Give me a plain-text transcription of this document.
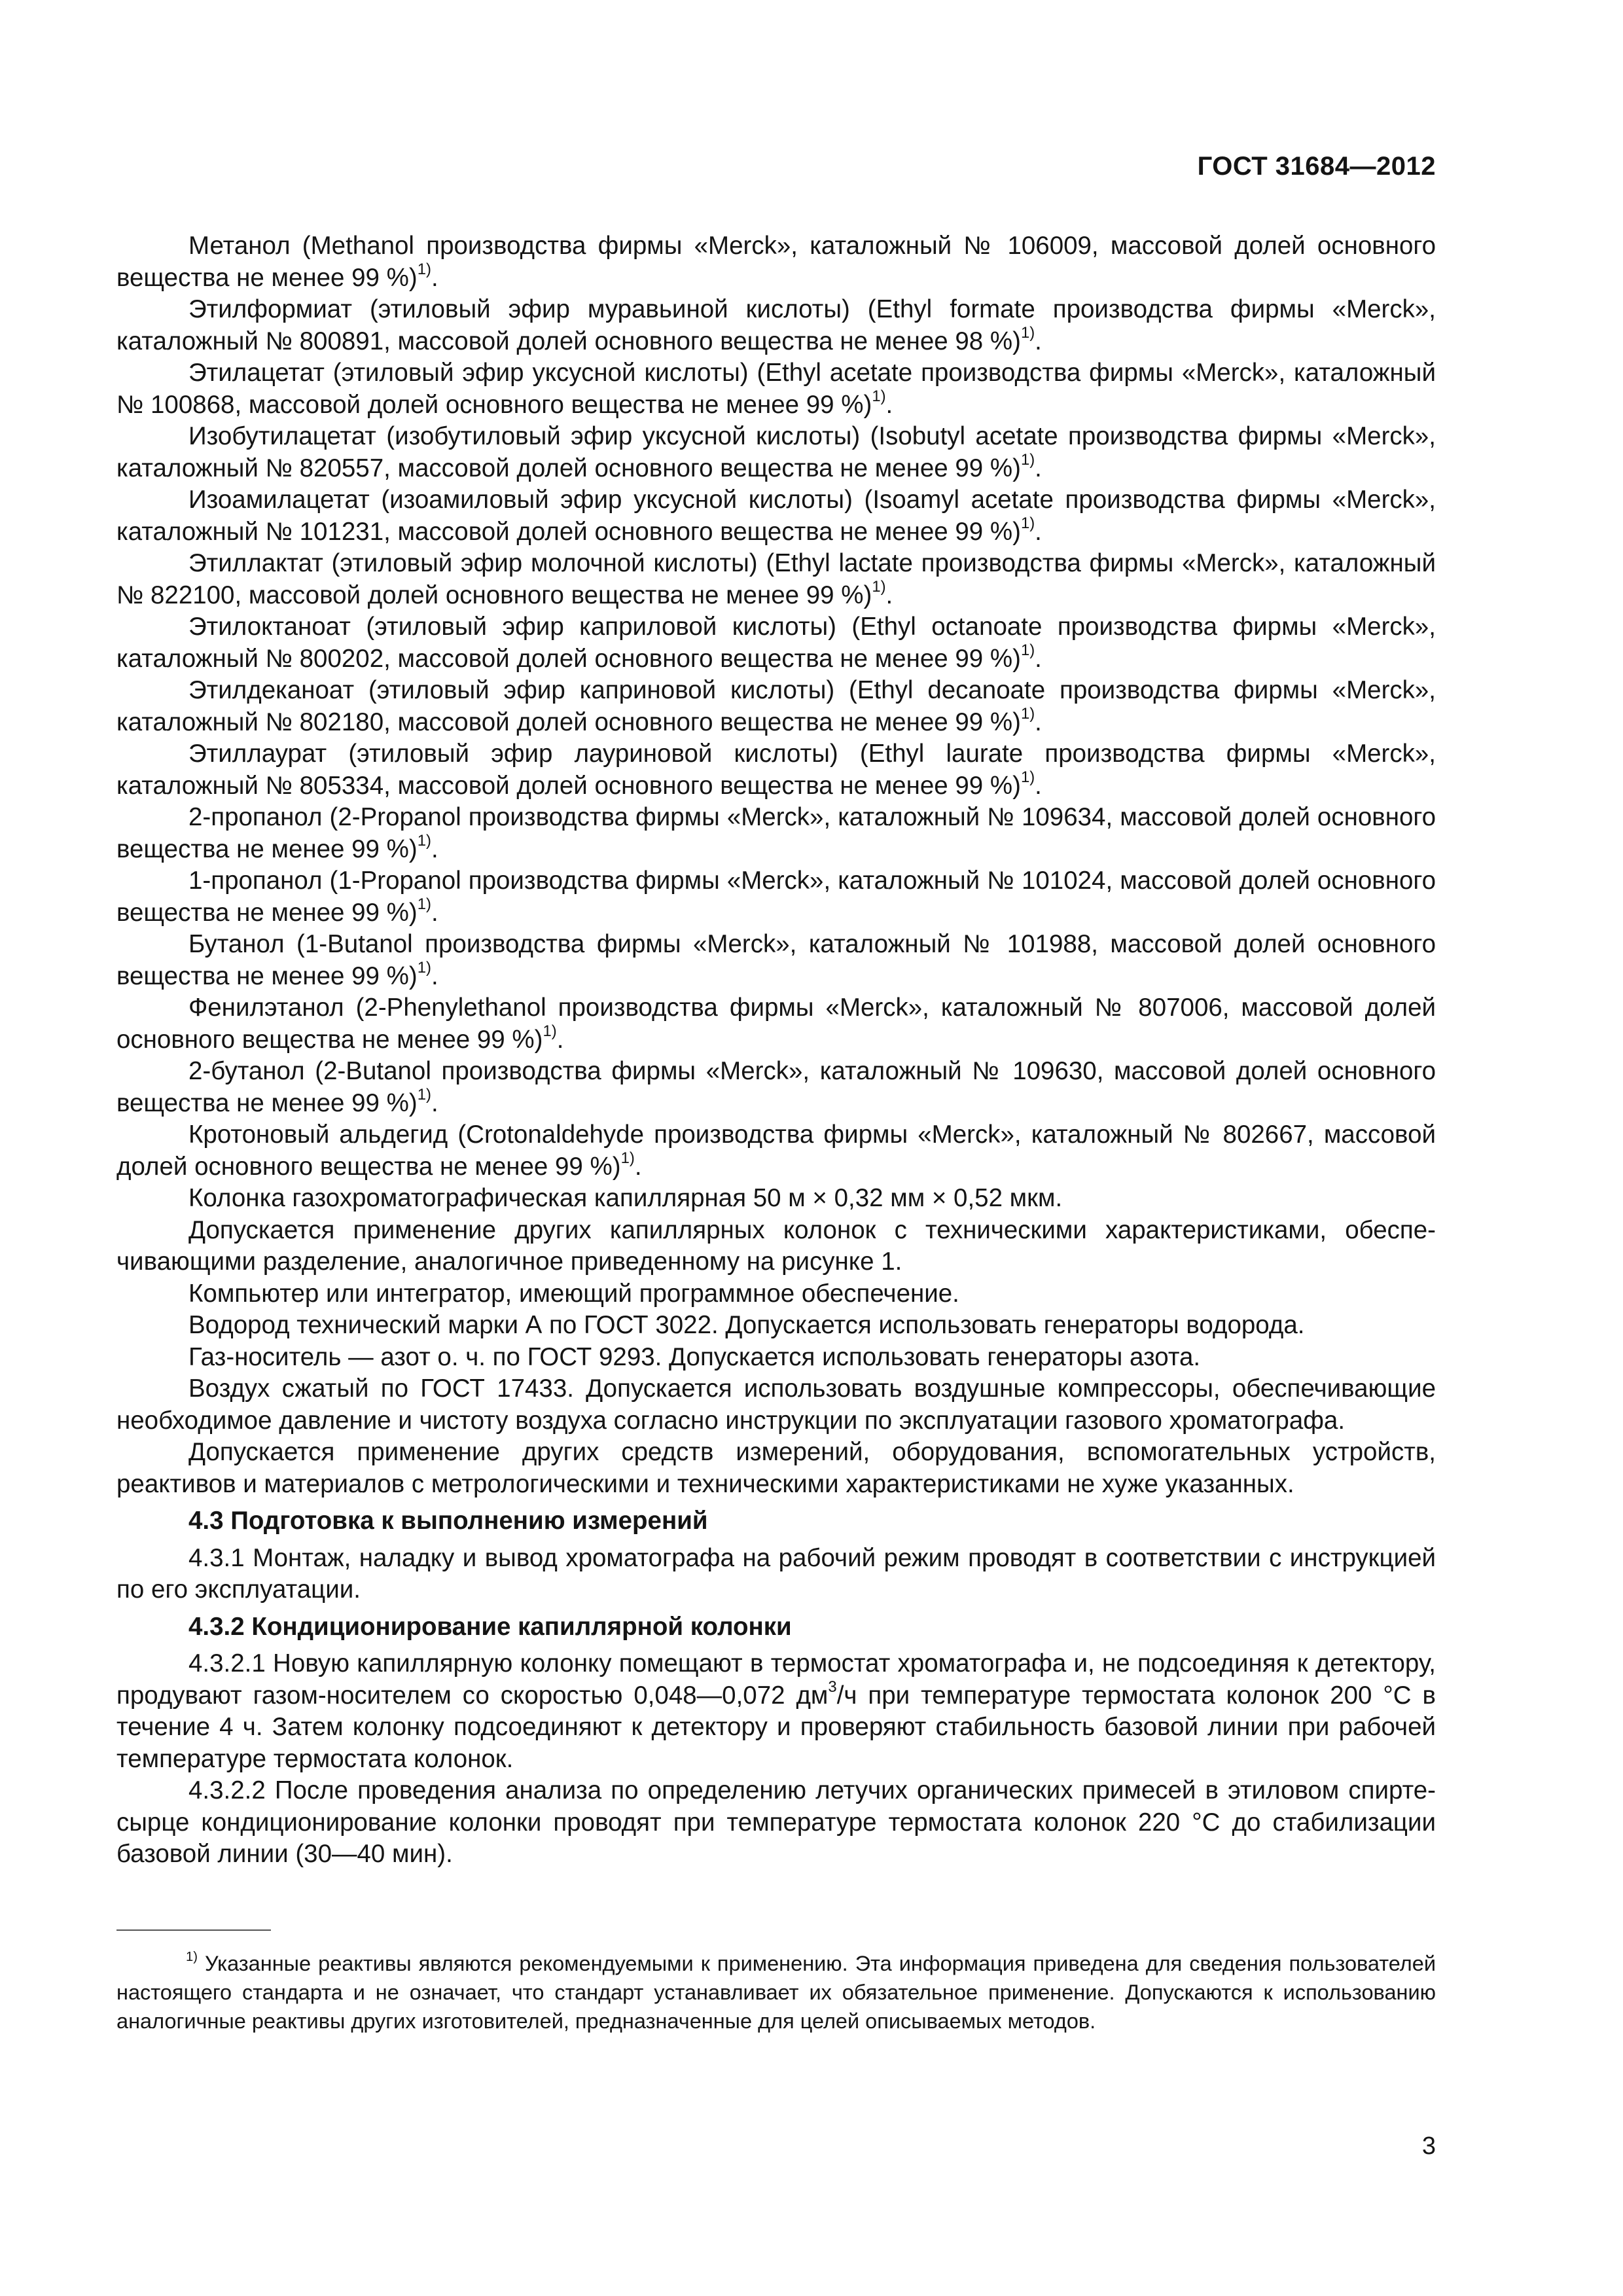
ГОСТ 31684—2012

Метанол (Methanol производства фирмы «Merck», каталожный № 106009, массовой долей основного вещества не менее 99 %)$^{1)}$.

Этилформиат (этиловый эфир муравьиной кислоты) (Ethyl formate производства фирмы «Merck», каталожный № 800891, массовой долей основного вещества не менее 98 %)$^{1)}$.

Этилацетат (этиловый эфир уксусной кислоты) (Ethyl acetate производства фирмы «Merck», каталожный № 100868, массовой долей основного вещества не менее 99 %)$^{1)}$.

Изобутилацетат (изобутиловый эфир уксусной кислоты) (Isobutyl acetate производства фирмы «Merck», каталожный № 820557, массовой долей основного вещества не менее 99 %)$^{1)}$.

Изоамилацетат (изоамиловый эфир уксусной кислоты) (Isoamyl acetate производства фирмы «Merck», каталожный № 101231, массовой долей основного вещества не менее 99 %)$^{1)}$.

Этиллактат (этиловый эфир молочной кислоты) (Ethyl lactate производства фирмы «Merck», каталожный № 822100, массовой долей основного вещества не менее 99 %)$^{1)}$.

Этилоктаноат (этиловый эфир каприловой кислоты) (Ethyl octanoate производства фирмы «Merck», каталожный № 800202, массовой долей основного вещества не менее 99 %)$^{1)}$.

Этилдеканоат (этиловый эфир каприновой кислоты) (Ethyl decanoate производства фирмы «Merck», каталожный № 802180, массовой долей основного вещества не менее 99 %)$^{1)}$.

Этиллаурат (этиловый эфир лауриновой кислоты) (Ethyl laurate производства фирмы «Merck», каталожный № 805334, массовой долей основного вещества не менее 99 %)$^{1)}$.

2-пропанол (2-Propanol производства фирмы «Merck», каталожный № 109634, массовой долей основного вещества не менее 99 %)$^{1)}$.

1-пропанол (1-Propanol производства фирмы «Merck», каталожный № 101024, массовой долей основного вещества не менее 99 %)$^{1)}$.

Бутанол (1-Butanol производства фирмы «Merck», каталожный № 101988, массовой долей основного вещества не менее 99 %)$^{1)}$.

Фенилэтанол (2-Phenylethanol производства фирмы «Merck», каталожный № 807006, массовой долей основного вещества не менее 99 %)$^{1)}$.

2-бутанол (2-Butanol производства фирмы «Merck», каталожный № 109630, массовой долей основного вещества не менее 99 %)$^{1)}$.

Кротоновый альдегид (Crotonaldehyde производства фирмы «Merck», каталожный № 802667, массовой долей основного вещества не менее 99 %)$^{1)}$.

Колонка газохроматографическая капиллярная 50 м × 0,32 мм × 0,52 мкм.

Допускается применение других капиллярных колонок с техническими характеристиками, обеспечивающими разделение, аналогичное приведенному на рисунке 1.

Компьютер или интегратор, имеющий программное обеспечение.

Водород технический марки А по ГОСТ 3022. Допускается использовать генераторы водорода.

Газ-носитель — азот о. ч. по ГОСТ 9293. Допускается использовать генераторы азота.

Воздух сжатый по ГОСТ 17433. Допускается использовать воздушные компрессоры, обеспечивающие необходимое давление и чистоту воздуха согласно инструкции по эксплуатации газового хроматографа.

Допускается применение других средств измерений, оборудования, вспомогательных устройств, реактивов и материалов с метрологическими и техническими характеристиками не хуже указанных.

4.3 Подготовка к выполнению измерений

4.3.1 Монтаж, наладку и вывод хроматографа на рабочий режим проводят в соответствии с инструкцией по его эксплуатации.

4.3.2 Кондиционирование капиллярной колонки

4.3.2.1 Новую капиллярную колонку помещают в термостат хроматографа и, не подсоединяя к детектору, продувают газом-носителем со скоростью 0,048—0,072 $дм^3/ч$ при температуре термостата колонок 200 °С в течение 4 ч. Затем колонку подсоединяют к детектору и проверяют стабильность базовой линии при рабочей температуре термостата колонок.

4.3.2.2 После проведения анализа по определению летучих органических примесей в этиловом спирте-сырце кондиционирование колонки проводят при температуре термостата колонок 220 °С до стабилизации базовой линии (30—40 мин).

$^{1)}$ Указанные реактивы являются рекомендуемыми к применению. Эта информация приведена для сведения пользователей настоящего стандарта и не означает, что стандарт устанавливает их обязательное применение. Допускаются к использованию аналогичные реактивы других изготовителей, предназначенные для целей описываемых методов.

3
